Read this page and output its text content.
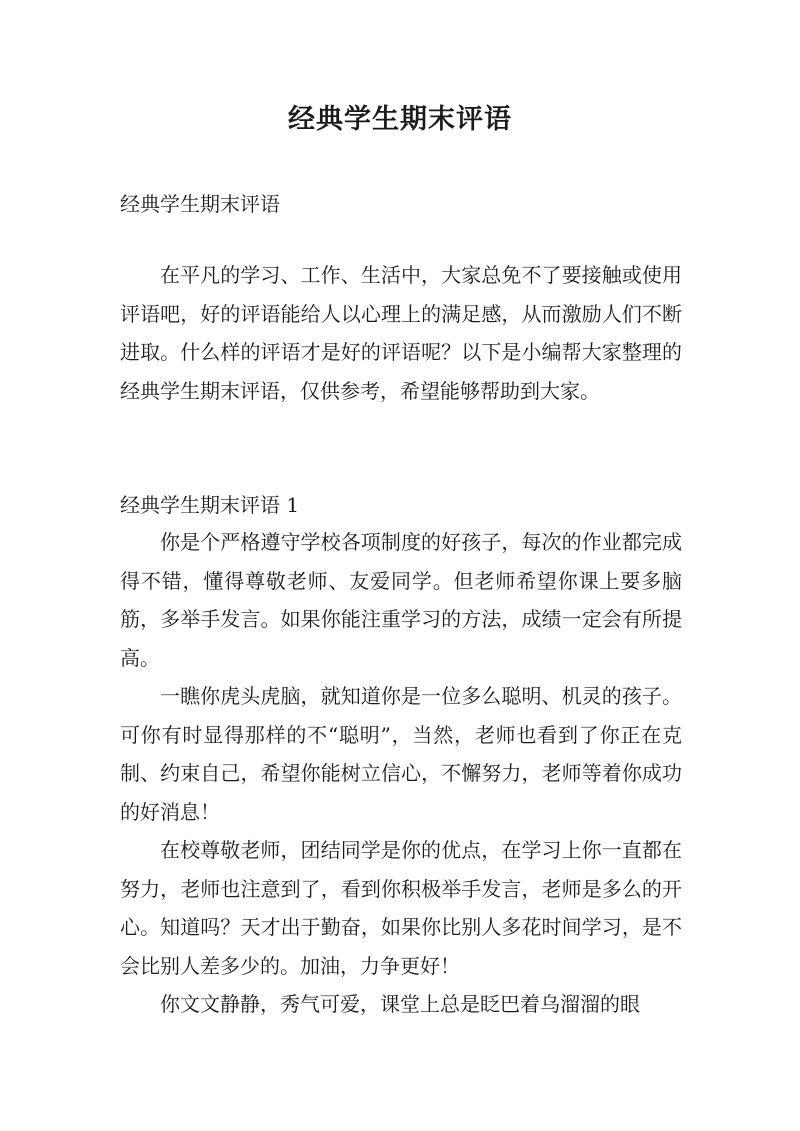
经典学生期末评语
经典学生期末评语

在平凡的学习、工作、生活中，大家总免不了要接触或使用评语吧，好的评语能给人以心理上的满足感，从而激励人们不断进取。什么样的评语才是好的评语呢？以下是小编帮大家整理的经典学生期末评语，仅供参考，希望能够帮助到大家。

经典学生期末评语 1

你是个严格遵守学校各项制度的好孩子，每次的作业都完成得不错，懂得尊敬老师、友爱同学。但老师希望你课上要多脑筋，多举手发言。如果你能注重学习的方法，成绩一定会有所提高。

一瞧你虎头虎脑，就知道你是一位多么聪明、机灵的孩子。可你有时显得那样的不“聪明”，当然，老师也看到了你正在克制、约束自己，希望你能树立信心，不懈努力，老师等着你成功的好消息！

在校尊敬老师，团结同学是你的优点，在学习上你一直都在努力，老师也注意到了，看到你积极举手发言，老师是多么的开心。知道吗？天才出于勤奋，如果你比别人多花时间学习，是不会比别人差多少的。加油，力争更好！

你文文静静，秀气可爱，课堂上总是眨巴着乌溜溜的眼
